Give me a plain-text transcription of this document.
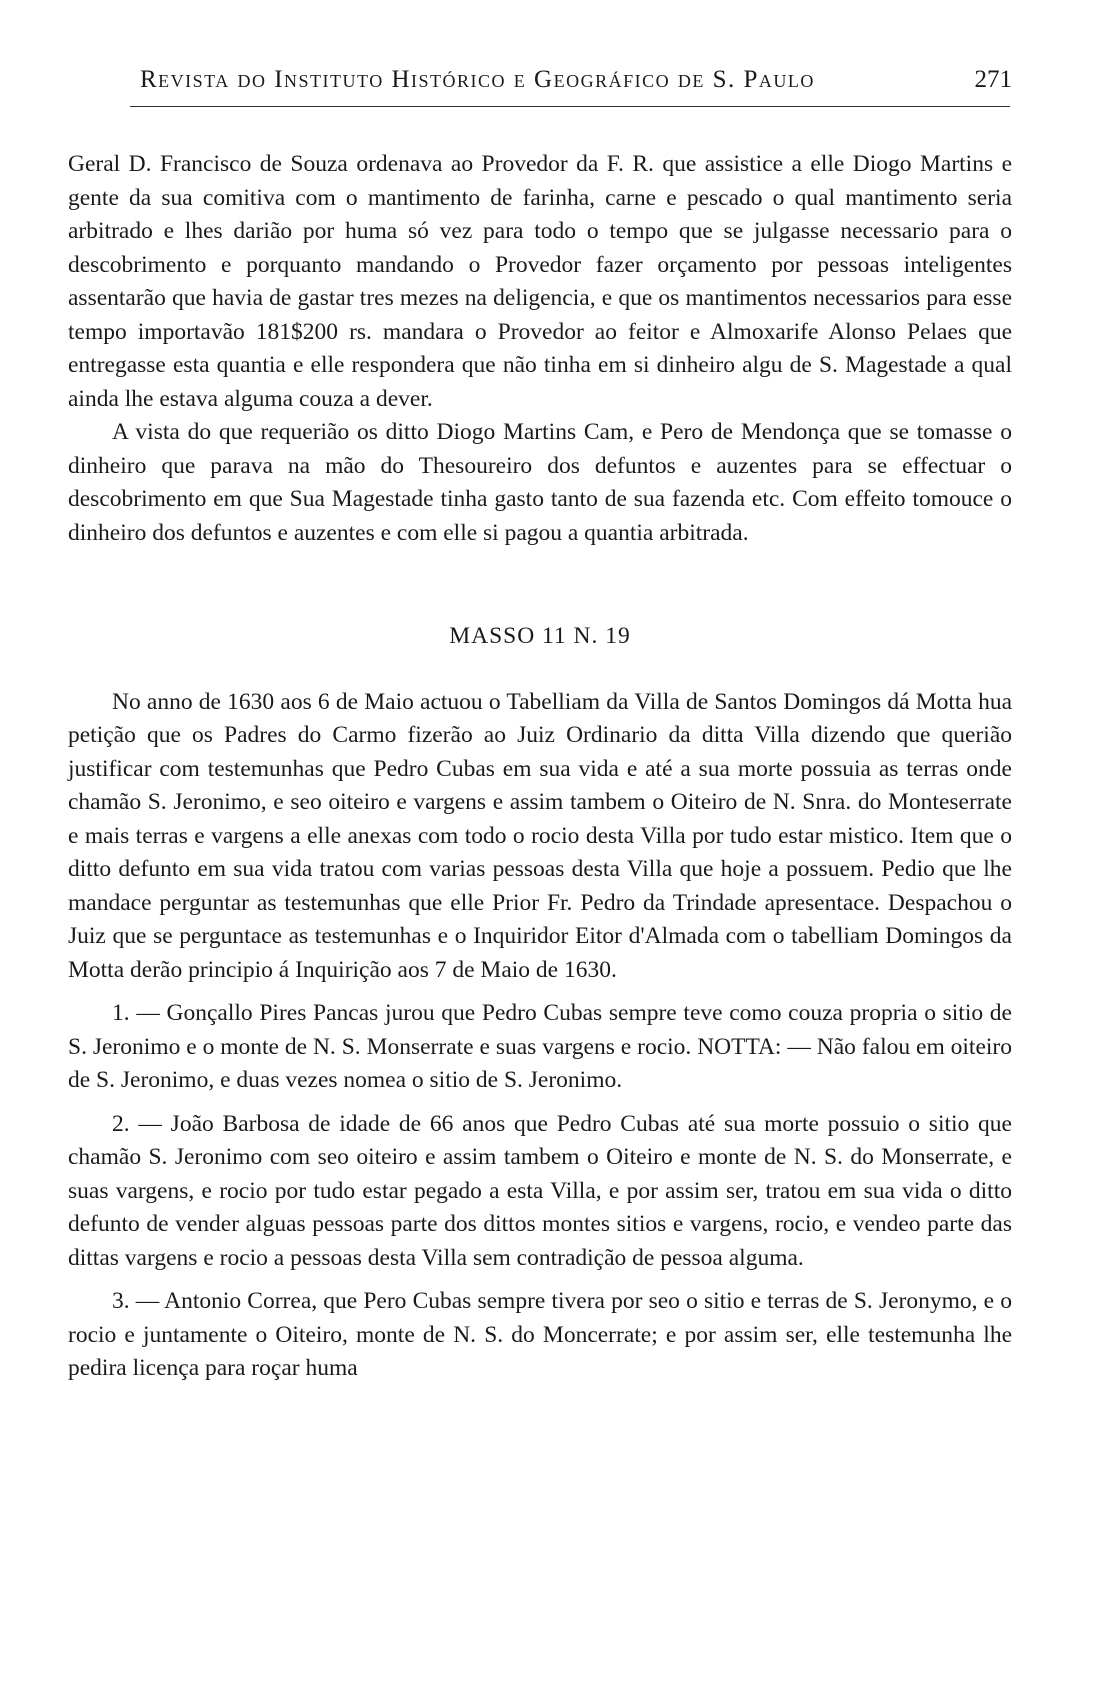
Revista do Instituto Histórico e Geográfico de S. Paulo	271

Geral D. Francisco de Souza ordenava ao Provedor da F. R. que assistice a elle Diogo Martins e gente da sua comitiva com o mantimento de farinha, carne e pescado o qual mantimento seria arbitrado e lhes darião por huma só vez para todo o tempo que se julgasse necessario para o descobrimento e porquanto mandando o Provedor fazer orçamento por pessoas inteligentes assentarão que havia de gastar tres mezes na deligencia, e que os mantimentos necessarios para esse tempo importavão 181$200 rs. mandara o Provedor ao feitor e Almoxarife Alonso Pelaes que entregasse esta quantia e elle respondera que não tinha em si dinheiro algu de S. Magestade a qual ainda lhe estava alguma couza a dever.

A vista do que requerião os ditto Diogo Martins Cam, e Pero de Mendonça que se tomasse o dinheiro que parava na mão do Thesoureiro dos defuntos e auzentes para se effectuar o descobrimento em que Sua Magestade tinha gasto tanto de sua fazenda etc. Com effeito tomouce o dinheiro dos defuntos e auzentes e com elle si pagou a quantia arbitrada.

MASSO 11 N. 19

No anno de 1630 aos 6 de Maio actuou o Tabelliam da Villa de Santos Domingos dá Motta hua petição que os Padres do Carmo fizerão ao Juiz Ordinario da ditta Villa dizendo que querião justificar com testemunhas que Pedro Cubas em sua vida e até a sua morte possuia as terras onde chamão S. Jeronimo, e seo oiteiro e vargens e assim tambem o Oiteiro de N. Snra. do Monteserrate e mais terras e vargens a elle anexas com todo o rocio desta Villa por tudo estar mistico. Item que o ditto defunto em sua vida tratou com varias pessoas desta Villa que hoje a possuem. Pedio que lhe mandace perguntar as testemunhas que elle Prior Fr. Pedro da Trindade apresentace. Despachou o Juiz que se perguntace as testemunhas e o Inquiridor Eitor d'Almada com o tabelliam Domingos da Motta derão principio á Inquirição aos 7 de Maio de 1630.

1. — Gonçallo Pires Pancas jurou que Pedro Cubas sempre teve como couza propria o sitio de S. Jeronimo e o monte de N. S. Monserrate e suas vargens e rocio. NOTTA: — Não falou em oiteiro de S. Jeronimo, e duas vezes nomea o sitio de S. Jeronimo.

2. — João Barbosa de idade de 66 anos que Pedro Cubas até sua morte possuio o sitio que chamão S. Jeronimo com seo oiteiro e assim tambem o Oiteiro e monte de N. S. do Monserrate, e suas vargens, e rocio por tudo estar pegado a esta Villa, e por assim ser, tratou em sua vida o ditto defunto de vender alguas pessoas parte dos dittos montes sitios e vargens, rocio, e vendeo parte das dittas vargens e rocio a pessoas desta Villa sem contradição de pessoa alguma.

3. — Antonio Correa, que Pero Cubas sempre tivera por seo o sitio e terras de S. Jeronymo, e o rocio e juntamente o Oiteiro, monte de N. S. do Moncerrate; e por assim ser, elle testemunha lhe pedira licença para roçar huma
